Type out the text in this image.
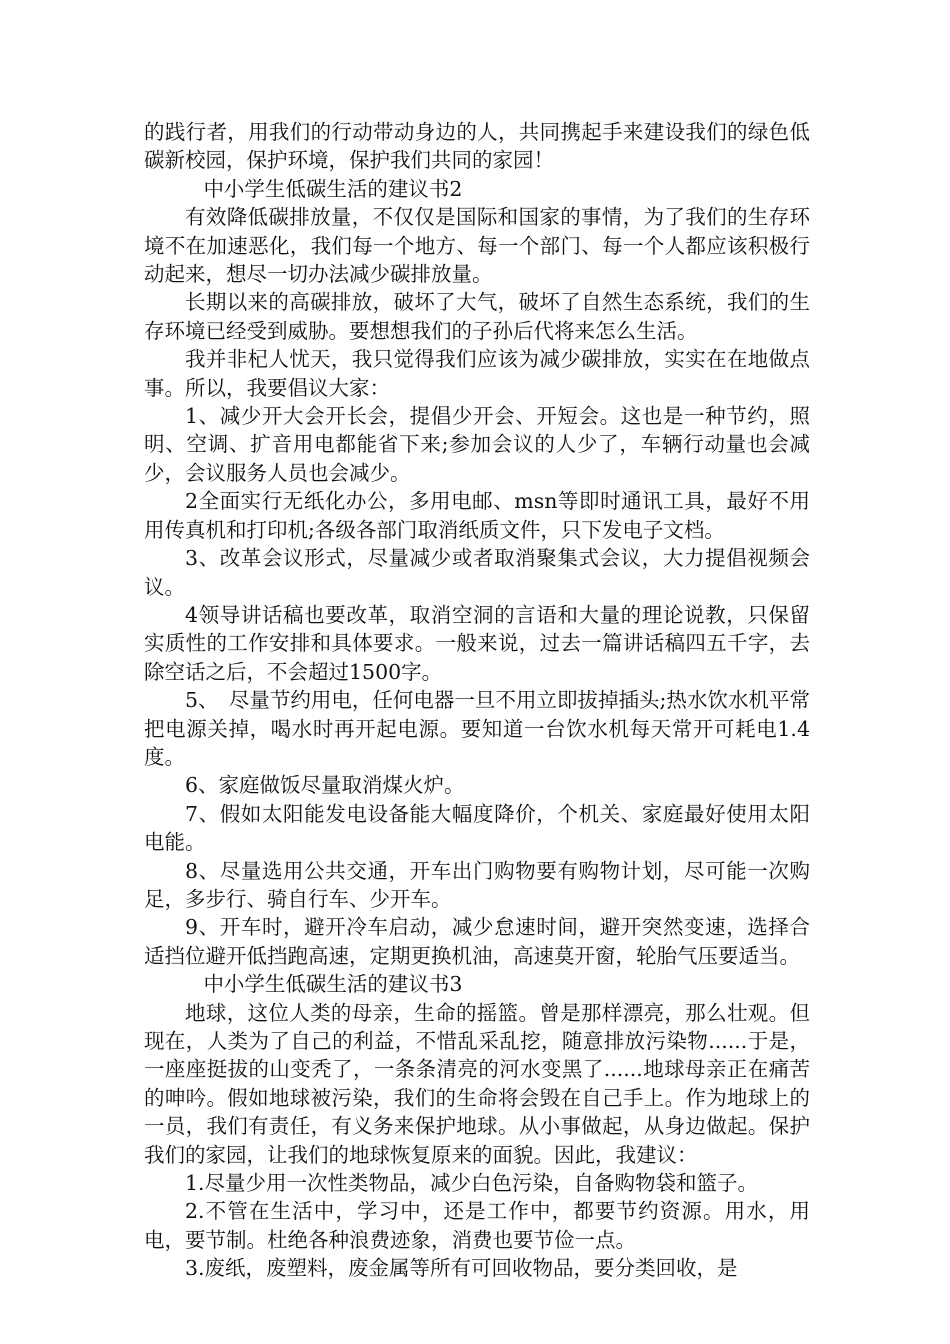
的践行者，用我们的行动带动身边的人，共同携起手来建设我们的绿色低碳新校园，保护环境，保护我们共同的家园！

中小学生低碳生活的建议书2

有效降低碳排放量，不仅仅是国际和国家的事情，为了我们的生存环境不在加速恶化，我们每一个地方、每一个部门、每一个人都应该积极行动起来，想尽一切办法减少碳排放量。

长期以来的高碳排放，破坏了大气，破坏了自然生态系统，我们的生存环境已经受到威胁。要想想我们的子孙后代将来怎么生活。

我并非杞人忧天，我只觉得我们应该为减少碳排放，实实在在地做点事。所以，我要倡议大家：

1、减少开大会开长会，提倡少开会、开短会。这也是一种节约，照明、空调、扩音用电都能省下来;参加会议的人少了，车辆行动量也会减少，会议服务人员也会减少。

2全面实行无纸化办公，多用电邮、msn等即时通讯工具，最好不用用传真机和打印机;各级各部门取消纸质文件，只下发电子文档。

3、改革会议形式，尽量减少或者取消聚集式会议，大力提倡视频会议。

4领导讲话稿也要改革，取消空洞的言语和大量的理论说教，只保留实质性的工作安排和具体要求。一般来说，过去一篇讲话稿四五千字，去除空话之后，不会超过1500字。

5、　尽量节约用电，任何电器一旦不用立即拔掉插头;热水饮水机平常把电源关掉，喝水时再开起电源。要知道一台饮水机每天常开可耗电1.4度。

6、家庭做饭尽量取消煤火炉。

7、假如太阳能发电设备能大幅度降价，个机关、家庭最好使用太阳电能。

8、尽量选用公共交通，开车出门购物要有购物计划，尽可能一次购足，多步行、骑自行车、少开车。

9、开车时，避开冷车启动，减少怠速时间，避开突然变速，选择合适挡位避开低挡跑高速，定期更换机油，高速莫开窗，轮胎气压要适当。

中小学生低碳生活的建议书3

地球，这位人类的母亲，生命的摇篮。曾是那样漂亮，那么壮观。但现在，人类为了自己的利益，不惜乱采乱挖，随意排放污染物......于是，一座座挺拔的山变秃了，一条条清亮的河水变黑了......地球母亲正在痛苦的呻吟。假如地球被污染，我们的生命将会毁在自己手上。作为地球上的一员，我们有责任，有义务来保护地球。从小事做起，从身边做起。保护我们的家园，让我们的地球恢复原来的面貌。因此，我建议：

1.尽量少用一次性类物品，减少白色污染，自备购物袋和篮子。

2.不管在生活中，学习中，还是工作中，都要节约资源。用水，用电，要节制。杜绝各种浪费迹象，消费也要节俭一点。

3.废纸，废塑料，废金属等所有可回收物品，要分类回收，是
